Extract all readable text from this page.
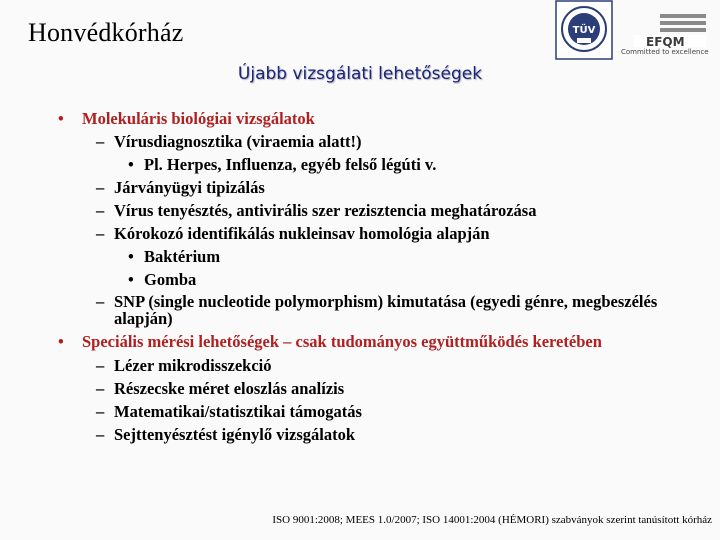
Honvédkórház	TÜV
EFQM
Committed to excellence
Újabb vizsgálati lehetőségek
• Molekuláris biológiai vizsgálatok
– Vírusdiagnosztika (viraemia alatt!)
• Pl. Herpes, Influenza, egyéb felső légúti v.
– Járványügyi tipizálás
– Vírus tenyésztés, antivirális szer rezisztencia meghatározása
– Kórokozó identifikálás nukleinsav homológia alapján
• Baktérium
• Gomba
– SNP (single nucleotide polymorphism) kimutatása (egyedi génre, megbeszélés alapján)
• Speciális mérési lehetőségek – csak tudományos együttműködés keretében
– Lézer mikrodisszekció
– Részecske méret eloszlás analízis
– Matematikai/statisztikai támogatás
– Sejttenyésztést igénylő vizsgálatok
ISO 9001:2008; MEES 1.0/2007; ISO 14001:2004 (HÉMORI) szabványok szerint tanúsított kórház
